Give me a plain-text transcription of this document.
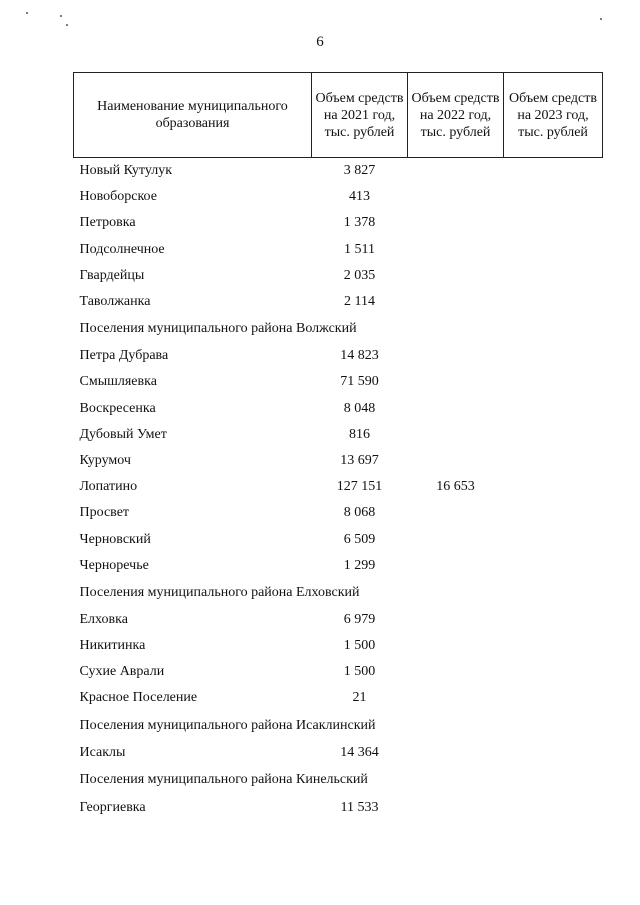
6
Наименование муниципального образования	Объем средств на 2021 год, тыс. рублей	Объем средств на 2022 год, тыс. рублей	Объем средств на 2023 год, тыс. рублей
Новый Кутулук	3 827		
Новоборское	413		
Петровка	1 378		
Подсолнечное	1 511		
Гвардейцы	2 035		
Таволжанка	2 114		
Поселения муниципального района Волжский			
Петра Дубрава	14 823		
Смышляевка	71 590		
Воскресенка	8 048		
Дубовый Умет	816		
Курумоч	13 697		
Лопатино	127 151	16 653	
Просвет	8 068		
Черновский	6 509		
Черноречье	1 299		
Поселения муниципального района Елховский			
Елховка	6 979		
Никитинка	1 500		
Сухие Аврали	1 500		
Красное Поселение	21		
Поселения муниципального района Исаклинский			
Исаклы	14 364		
Поселения муниципального района Кинельский			
Георгиевка	11 533		
